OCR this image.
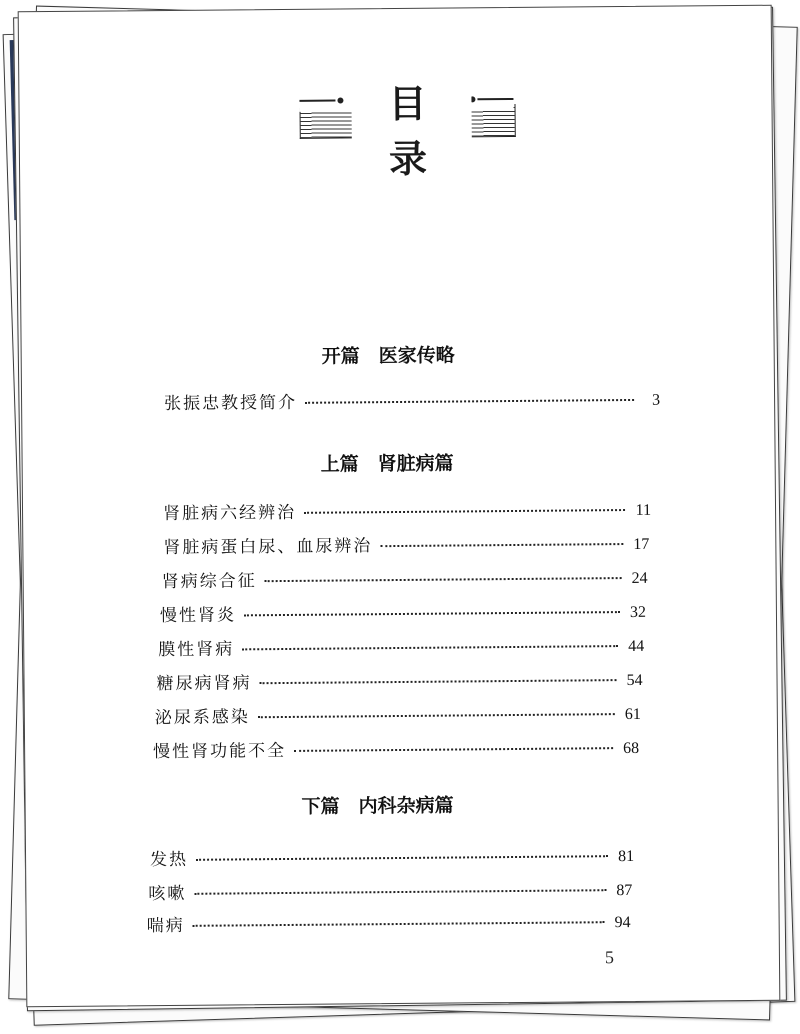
目录
开篇　医家传略
张振忠教授简介	3
上篇　肾脏病篇
肾脏病六经辨治	11
肾脏病蛋白尿、血尿辨治	17
肾病综合征	24
慢性肾炎	32
膜性肾病	44
糖尿病肾病	54
泌尿系感染	61
慢性肾功能不全	68
下篇　内科杂病篇
发热	81
咳嗽	87
喘病	94
5
